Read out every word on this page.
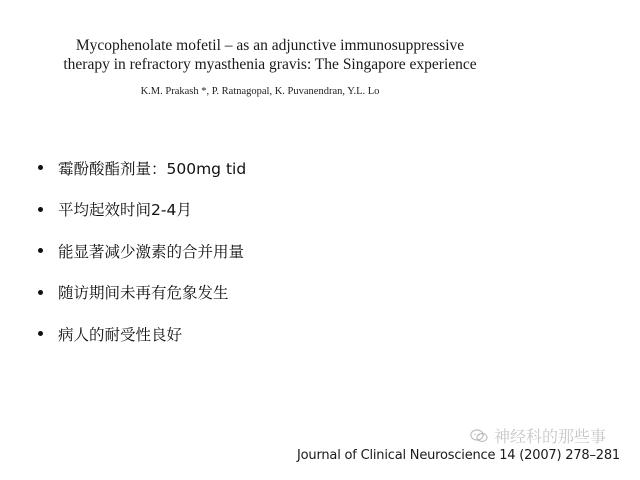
Mycophenolate mofetil – as an adjunctive immunosuppressive
therapy in refractory myasthenia gravis: The Singapore experience
K.M. Prakash *, P. Ratnagopal, K. Puvanendran, Y.L. Lo
霉酚酸酯剂量：500mg tid
平均起效时间2-4月
能显著减少激素的合并用量
随访期间未再有危象发生
病人的耐受性良好
神经科的那些事
Journal of Clinical Neuroscience 14 (2007) 278–281
